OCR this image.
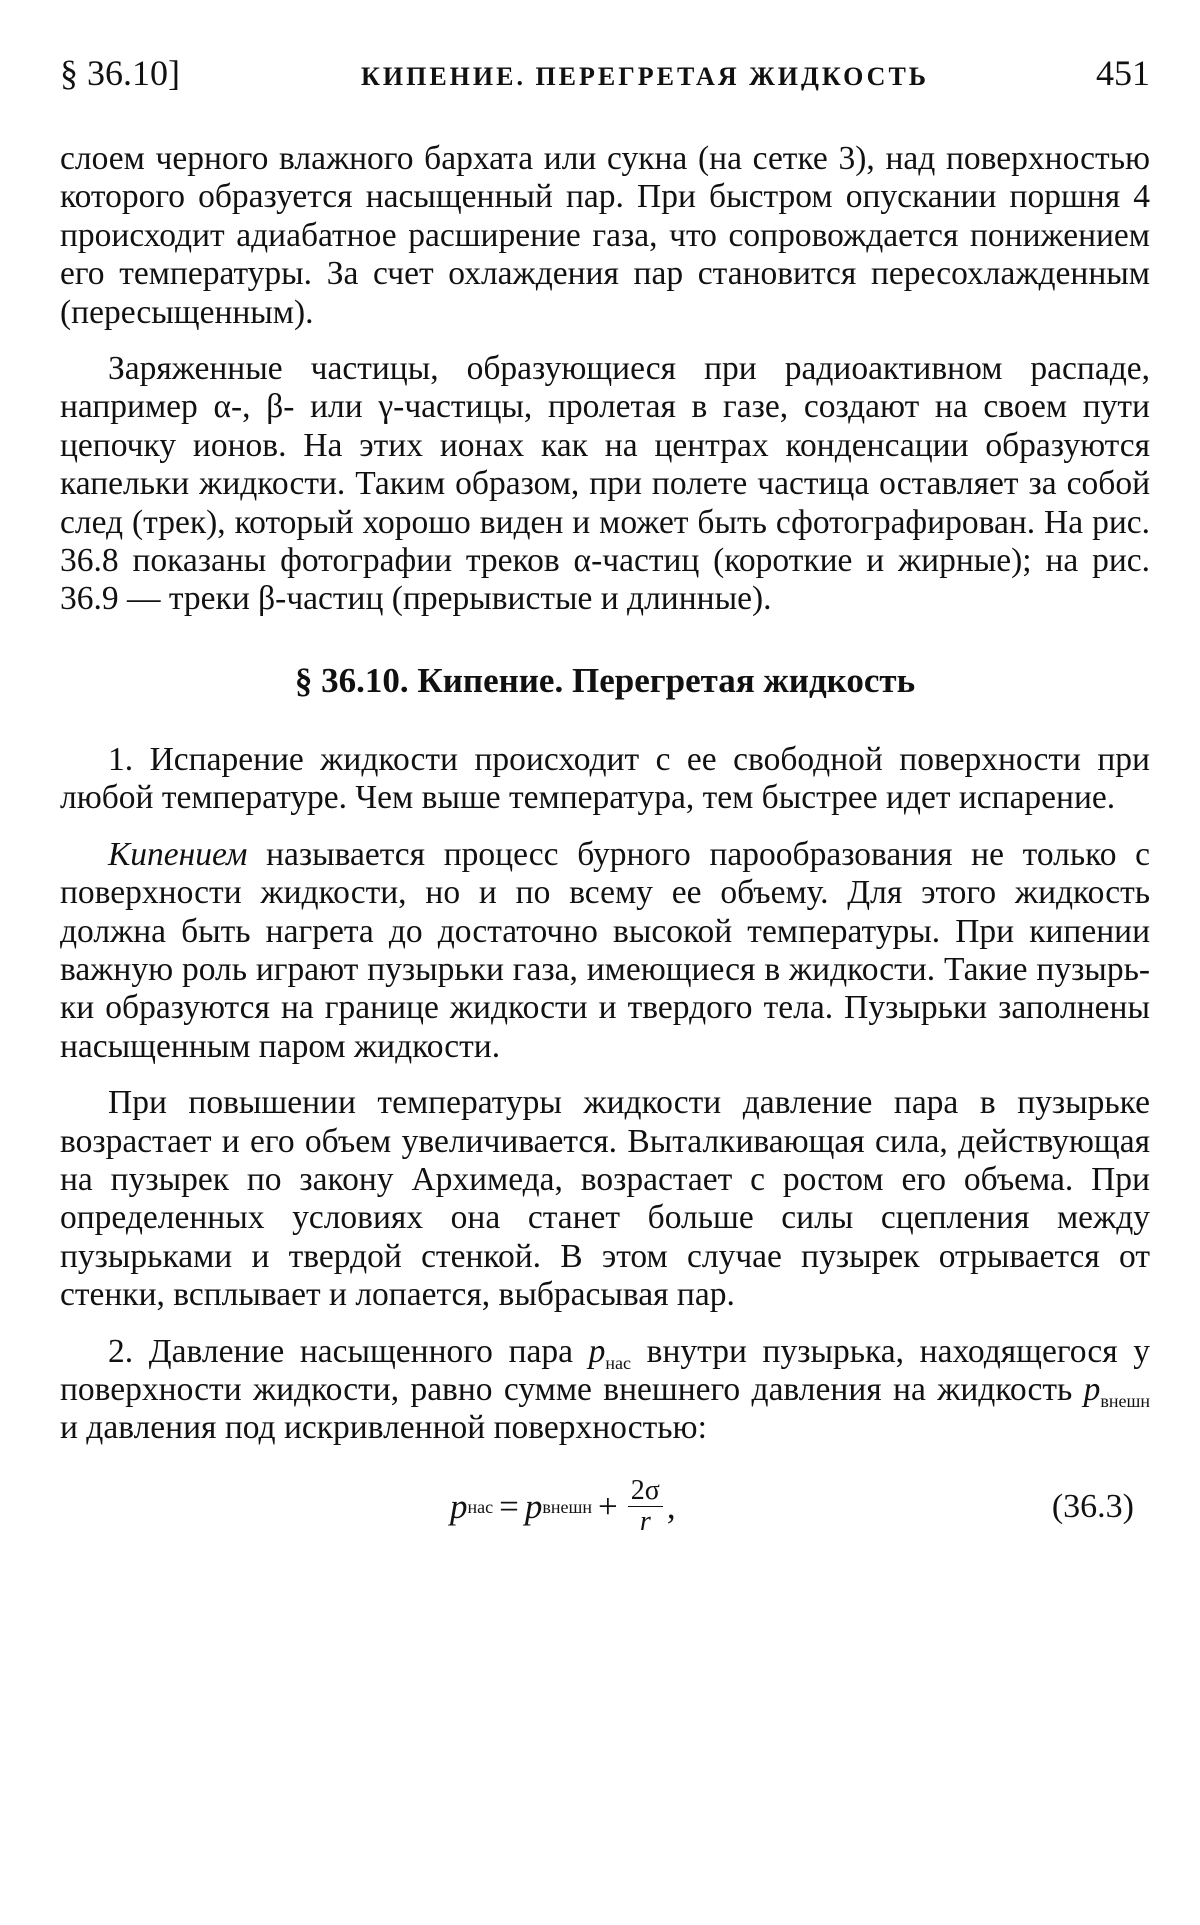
§ 36.10]	КИПЕНИЕ. ПЕРЕГРЕТАЯ ЖИДКОСТЬ	451

слоем черного влажного бархата или сукна (на сетке 3), над поверхностью которого образуется насыщенный пар. При быстром опускании поршня 4 происходит адиабатное расширение газа, что сопровождается понижением его температуры. За счет охлаждения пар становится пересохлажденным (пересыщенным).

Заряженные частицы, образующиеся при радиоактивном распаде, например α-, β- или γ-частицы, пролетая в газе, создают на своем пути цепочку ионов. На этих ионах как на центрах конденсации образуются капельки жидкости. Таким образом, при полете частица оставляет за собой след (трек), который хорошо виден и может быть сфотографирован. На рис. 36.8 показаны фотографии треков α-частиц (короткие и жирные); на рис. 36.9 — треки β-частиц (прерывистые и длинные).

§ 36.10. Кипение. Перегретая жидкость

1. Испарение жидкости происходит с ее свободной поверхности при любой температуре. Чем выше температура, тем быстрее идет испарение.

Кипением называется процесс бурного парообразования не только с поверхности жидкости, но и по всему ее объему. Для этого жидкость должна быть нагрета до достаточно высокой температуры. При кипении важную роль играют пузырьки газа, имеющиеся в жидкости. Такие пузырьки образуются на границе жидкости и твердого тела. Пузырьки заполнены насыщенным паром жидкости.

При повышении температуры жидкости давление пара в пузырьке возрастает и его объем увеличивается. Выталкивающая сила, действующая на пузырек по закону Архимеда, возрастает с ростом его объема. При определенных условиях она станет больше силы сцепления между пузырьками и твердой стенкой. В этом случае пузырек отрывается от стенки, всплывает и лопается, выбрасывая пар.

2. Давление насыщенного пара $p_{нас}$ внутри пузырька, находящегося у поверхности жидкости, равно сумме внешнего давления на жидкость $p_{внешн}$ и давления под искривленной поверхностью:

p нас = p внешн + $\frac{2\sigma}{r}$ ,	(36.3)
